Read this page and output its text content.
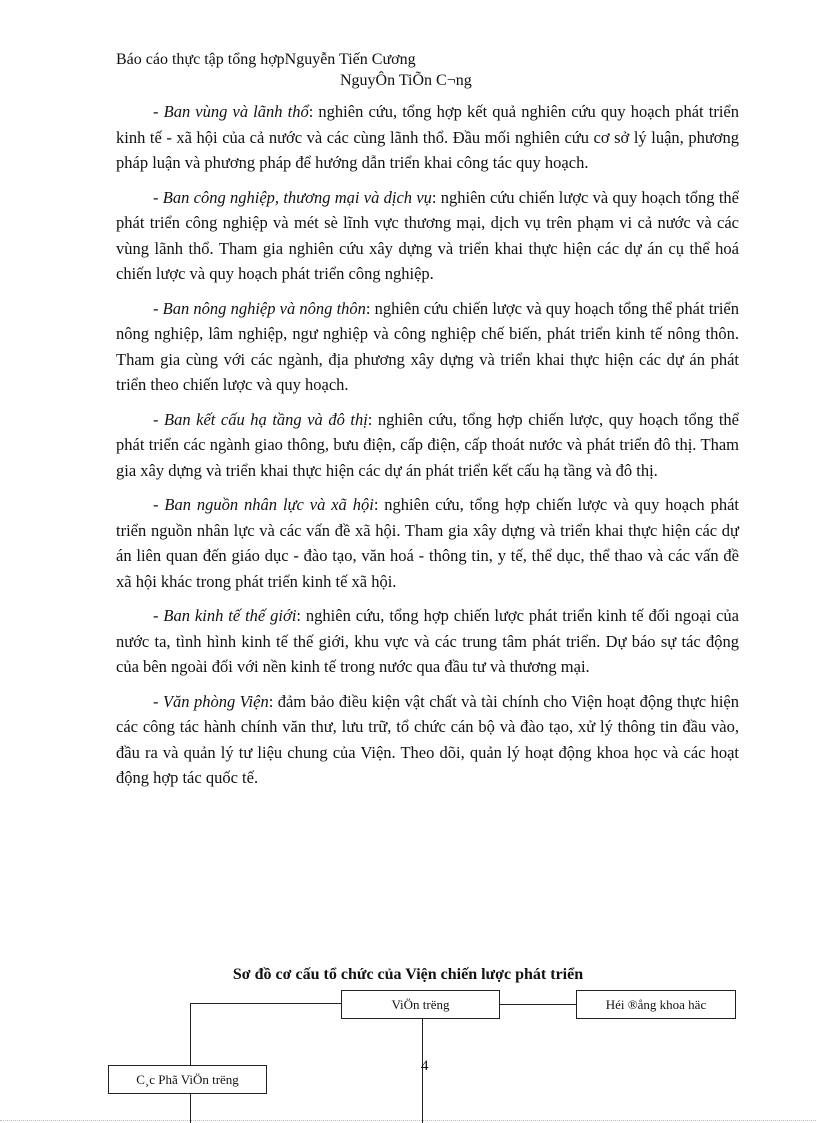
Báo cáo thực tập tổng hợpNguyễn Tiến Cương
NguyÔn TiÕn C¬ng

- Ban vùng và lãnh thổ: nghiên cứu, tổng hợp kết quả nghiên cứu quy hoạch phát triển kinh tế - xã hội của cả nước và các cùng lãnh thổ. Đầu mối nghiên cứu cơ sở lý luận, phương pháp luận và phương pháp để hướng dẫn triển khai công tác quy hoạch.

- Ban công nghiệp, thương mại và dịch vụ: nghiên cứu chiến lược và quy hoạch tổng thể phát triển công nghiệp và mét sè lĩnh vực thương mại, dịch vụ trên phạm vi cả nước và các vùng lãnh thổ. Tham gia nghiên cứu xây dựng và triển khai thực hiện các dự án cụ thể hoá chiến lược và quy hoạch phát triển công nghiệp.

- Ban nông nghiệp và nông thôn: nghiên cứu chiến lược và quy hoạch tổng thể phát triển nông nghiệp, lâm nghiệp, ngư nghiệp và công nghiệp chế biến, phát triển kinh tế nông thôn. Tham gia cùng với các ngành, địa phương xây dựng và triển khai thực hiện các dự án phát triển theo chiến lược và quy hoạch.

- Ban kết cấu hạ tầng và đô thị: nghiên cứu, tổng hợp chiến lược, quy hoạch tổng thể phát triển các ngành giao thông, bưu điện, cấp điện, cấp thoát nước và phát triển đô thị. Tham gia xây dựng và triển khai thực hiện các dự án phát triển kết cấu hạ tầng và đô thị.

- Ban nguồn nhân lực và xã hội: nghiên cứu, tổng hợp chiến lược và quy hoạch phát triển nguồn nhân lực và các vấn đề xã hội. Tham gia xây dựng và triển khai thực hiện các dự án liên quan đến giáo dục - đào tạo, văn hoá - thông tin, y tế, thể dục, thể thao và các vấn đề xã hội khác trong phát triển kinh tế xã hội.

- Ban kinh tế thế giới: nghiên cứu, tổng hợp chiến lược phát triển kinh tế đối ngoại của nước ta, tình hình kinh tế thế giới, khu vực và các trung tâm phát triển. Dự báo sự tác động của bên ngoài đối với nền kinh tế trong nước qua đầu tư và thương mại.

- Văn phòng Viện: đảm bảo điều kiện vật chất và tài chính cho Viện hoạt động thực hiện các công tác hành chính văn thư, lưu trữ, tổ chức cán bộ và đào tạo, xử lý thông tin đầu vào, đầu ra và quản lý tư liệu chung của Viện. Theo dõi, quản lý hoạt động khoa học và các hoạt động hợp tác quốc tế.

Sơ đồ cơ cấu tổ chức của Viện chiến lược phát triển
ViÖn trëng	Héi ®ång khoa häc
C¸c Phã ViÖn trëng
4
